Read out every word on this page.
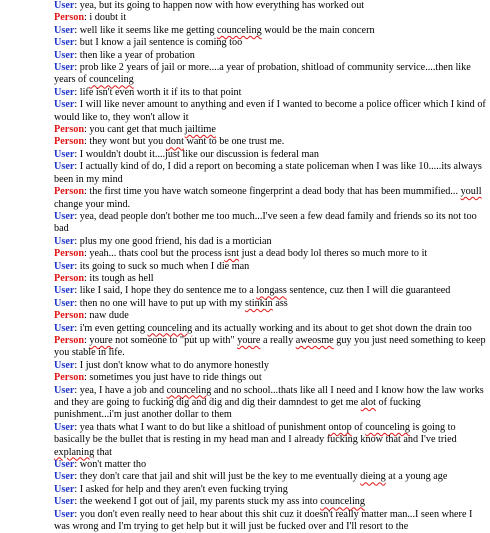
User: yea, but its going to happen now with how everything has worked out

Person: i doubt it

User: well like it seems like me getting counceling would be the main concern

User: but I know a jail sentence is coming too

User: then like a year of probation

User: prob like 2 years of jail or more....a year of probation, shitload of community service....then like years of counceling

User: life isn't even worth it if its to that point

User: I will like never amount to anything and even if I wanted to become a police officer which I kind of would like to, they won't allow it

Person: you cant get that much jailtime

Person: they wont but you dont want to be one trust me.

User: I wouldn't doubt it....just like our discussion is federal man

User: I actually kind of do, I did a report on becoming a state policeman when I was like 10.....its always been in my mind

Person: the first time you have watch someone fingerprint a dead body that has been mummified... youll change your mind.

User: yea, dead people don't bother me too much...I've seen a few dead family and friends so its not too bad

User: plus my one good friend, his dad is a mortician

Person: yeah... thats cool but the process isnt just a dead body lol theres so much more to it

User: its going to suck so much when I die man

Person: its tough as hell

User: like I said, I hope they do sentence me to a longass sentence, cuz then I will die guaranteed

User: then no one will have to put up with my stinkin ass

Person: naw dude

User: i'm even getting counceling and its actually working and its about to get shot down the drain too

Person: youre not someone to "put up with" youre a really aweosme guy you just need something to keep you stable in life.

User: I just don't know what to do anymore honestly

Person: sometimes you just have to ride things out

User: yea, I have a job and counceling and no school...thats like all I need and I know how the law works and they are going to fucking dig and dig and dig their damndest to get me alot of fucking punishment...i'm just another dollar to them

User: yea thats what I want to do but like a shitload of punishment ontop of counceling is going to basically be the bullet that is resting in my head man and I already fucking know that and I've tried explaning that

User: won't matter tho

User: they don't care that jail and shit will just be the key to me eventually dieing at a young age

User: I asked for help and they aren't even fucking trying

User: the weekend I got out of jail, my parents stuck my ass into counceling

User: you don't even really need to hear about this shit cuz it doesn't really matter man...I seen where I was wrong and I'm trying to get help but it will just be fucked over and I'll resort to the
